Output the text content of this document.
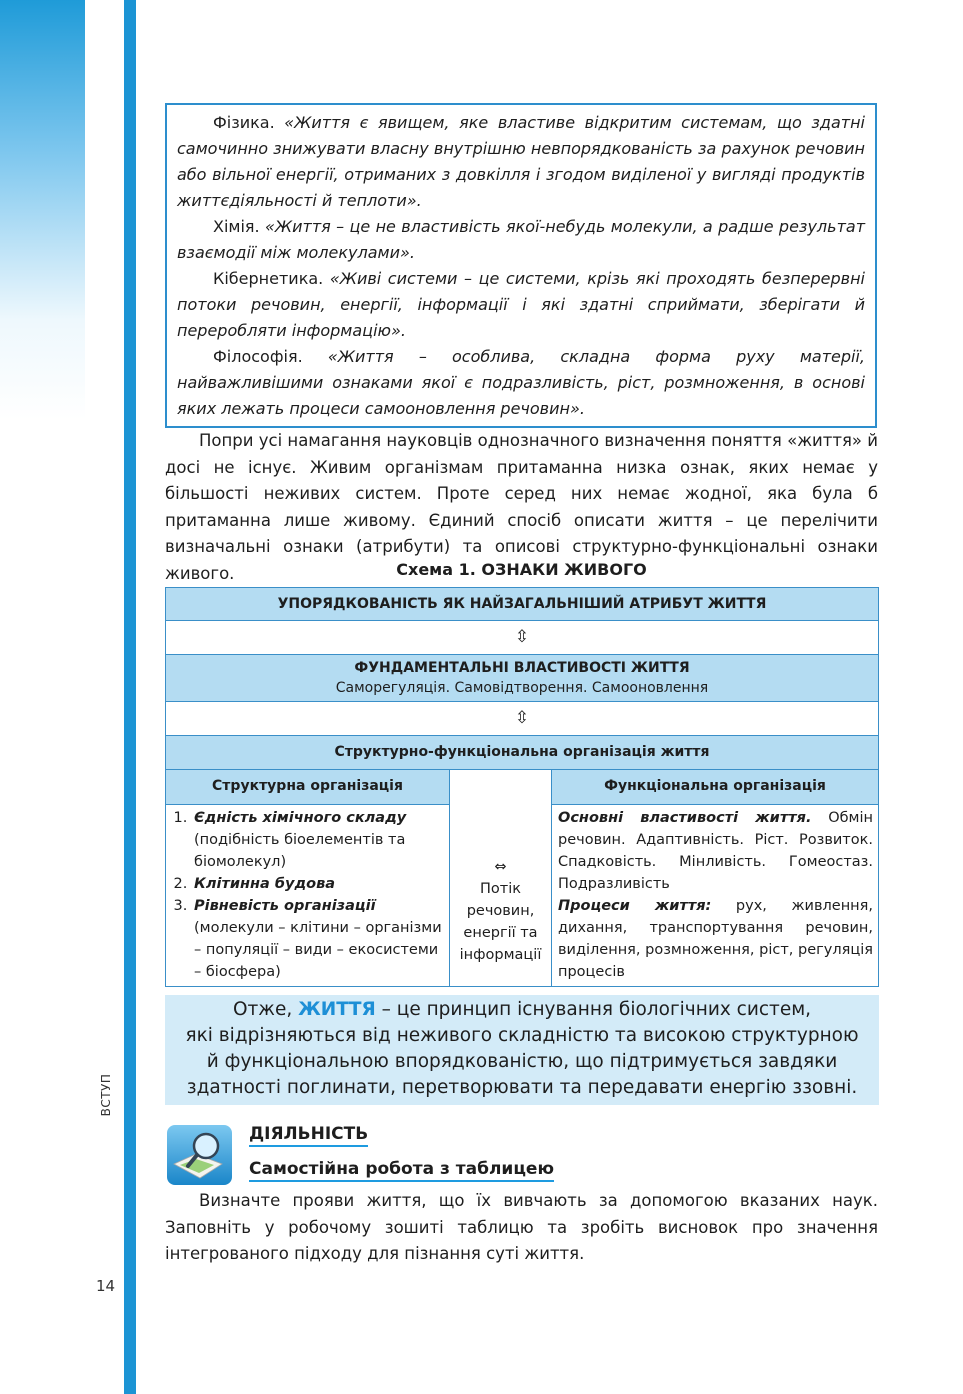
ВСТУП
14

Фізика. «Життя є явищем, яке властиве відкритим системам, що здатні самочинно знижувати власну внутрішню невпорядкованість за рахунок речовин або вільної енергії, отриманих з довкілля і згодом виділеної у вигляді продуктів життєдіяльності й теплоти».

Хімія. «Життя – це не властивість якої-небудь молекули, а радше результат взаємодії між молекулами».

Кібернетика. «Живі системи – це системи, крізь які проходять безперервні потоки речовин, енергії, інформації і які здатні сприймати, зберігати й переробляти інформацію».

Філософія. «Життя – особлива, складна форма руху матерії, найважливішими ознаками якої є подразливість, ріст, розмноження, в основі яких лежать процеси самооновлення речовин».

Попри усі намагання науковців однозначного визначення поняття «життя» й досі не існує. Живим організмам притаманна низка ознак, яких немає у більшості неживих систем. Проте серед них немає жодної, яка була б притаманна лише живому. Єдиний спосіб описати життя – це перелічити визначальні ознаки (атрибути) та описові структурно-функціональні ознаки живого.	Схема 1. ОЗНАКИ ЖИВОГО
УПОРЯДКОВАНІСТЬ ЯК НАЙЗАГАЛЬНІШИЙ АТРИБУТ ЖИТТЯ
⇳
ФУНДАМЕНТАЛЬНІ ВЛАСТИВОСТІ ЖИТТЯ
Саморегуляція. Самовідтворення. Самооновлення
⇳
Структурно-функціональна організація життя
Структурна організація
1. Єдність хімічного складу (подібність біоелементів та біомолекул)
2. Клітинна будова
3. Рівневість організації (молекули – клітини – організми – популяції – види – екосистеми – біосфера)
⇔
Потік речовин, енергії та інформації
Функціональна організація
Основні властивості життя. Обмін речовин. Адаптивність. Ріст. Розвиток. Спадковість. Мінливість. Гомеостаз. Подразливість
Процеси життя: рух, живлення, дихання, транспортування речовин, виділення, розмноження, ріст, регуляція процесів
Отже, ЖИТТЯ – це принцип існування біологічних систем,
які відрізняються від неживого складністю та високою структурною
й функціональною впорядкованістю, що підтримується завдяки
здатності поглинати, перетворювати та передавати енергію ззовні.
ДІЯЛЬНІСТЬ
Самостійна робота з таблицею

Визначте прояви життя, що їх вивчають за допомогою вказаних наук. Заповніть у робочому зошиті таблицю та зробіть висновок про значення інтегрованого підходу для пізнання суті життя.
